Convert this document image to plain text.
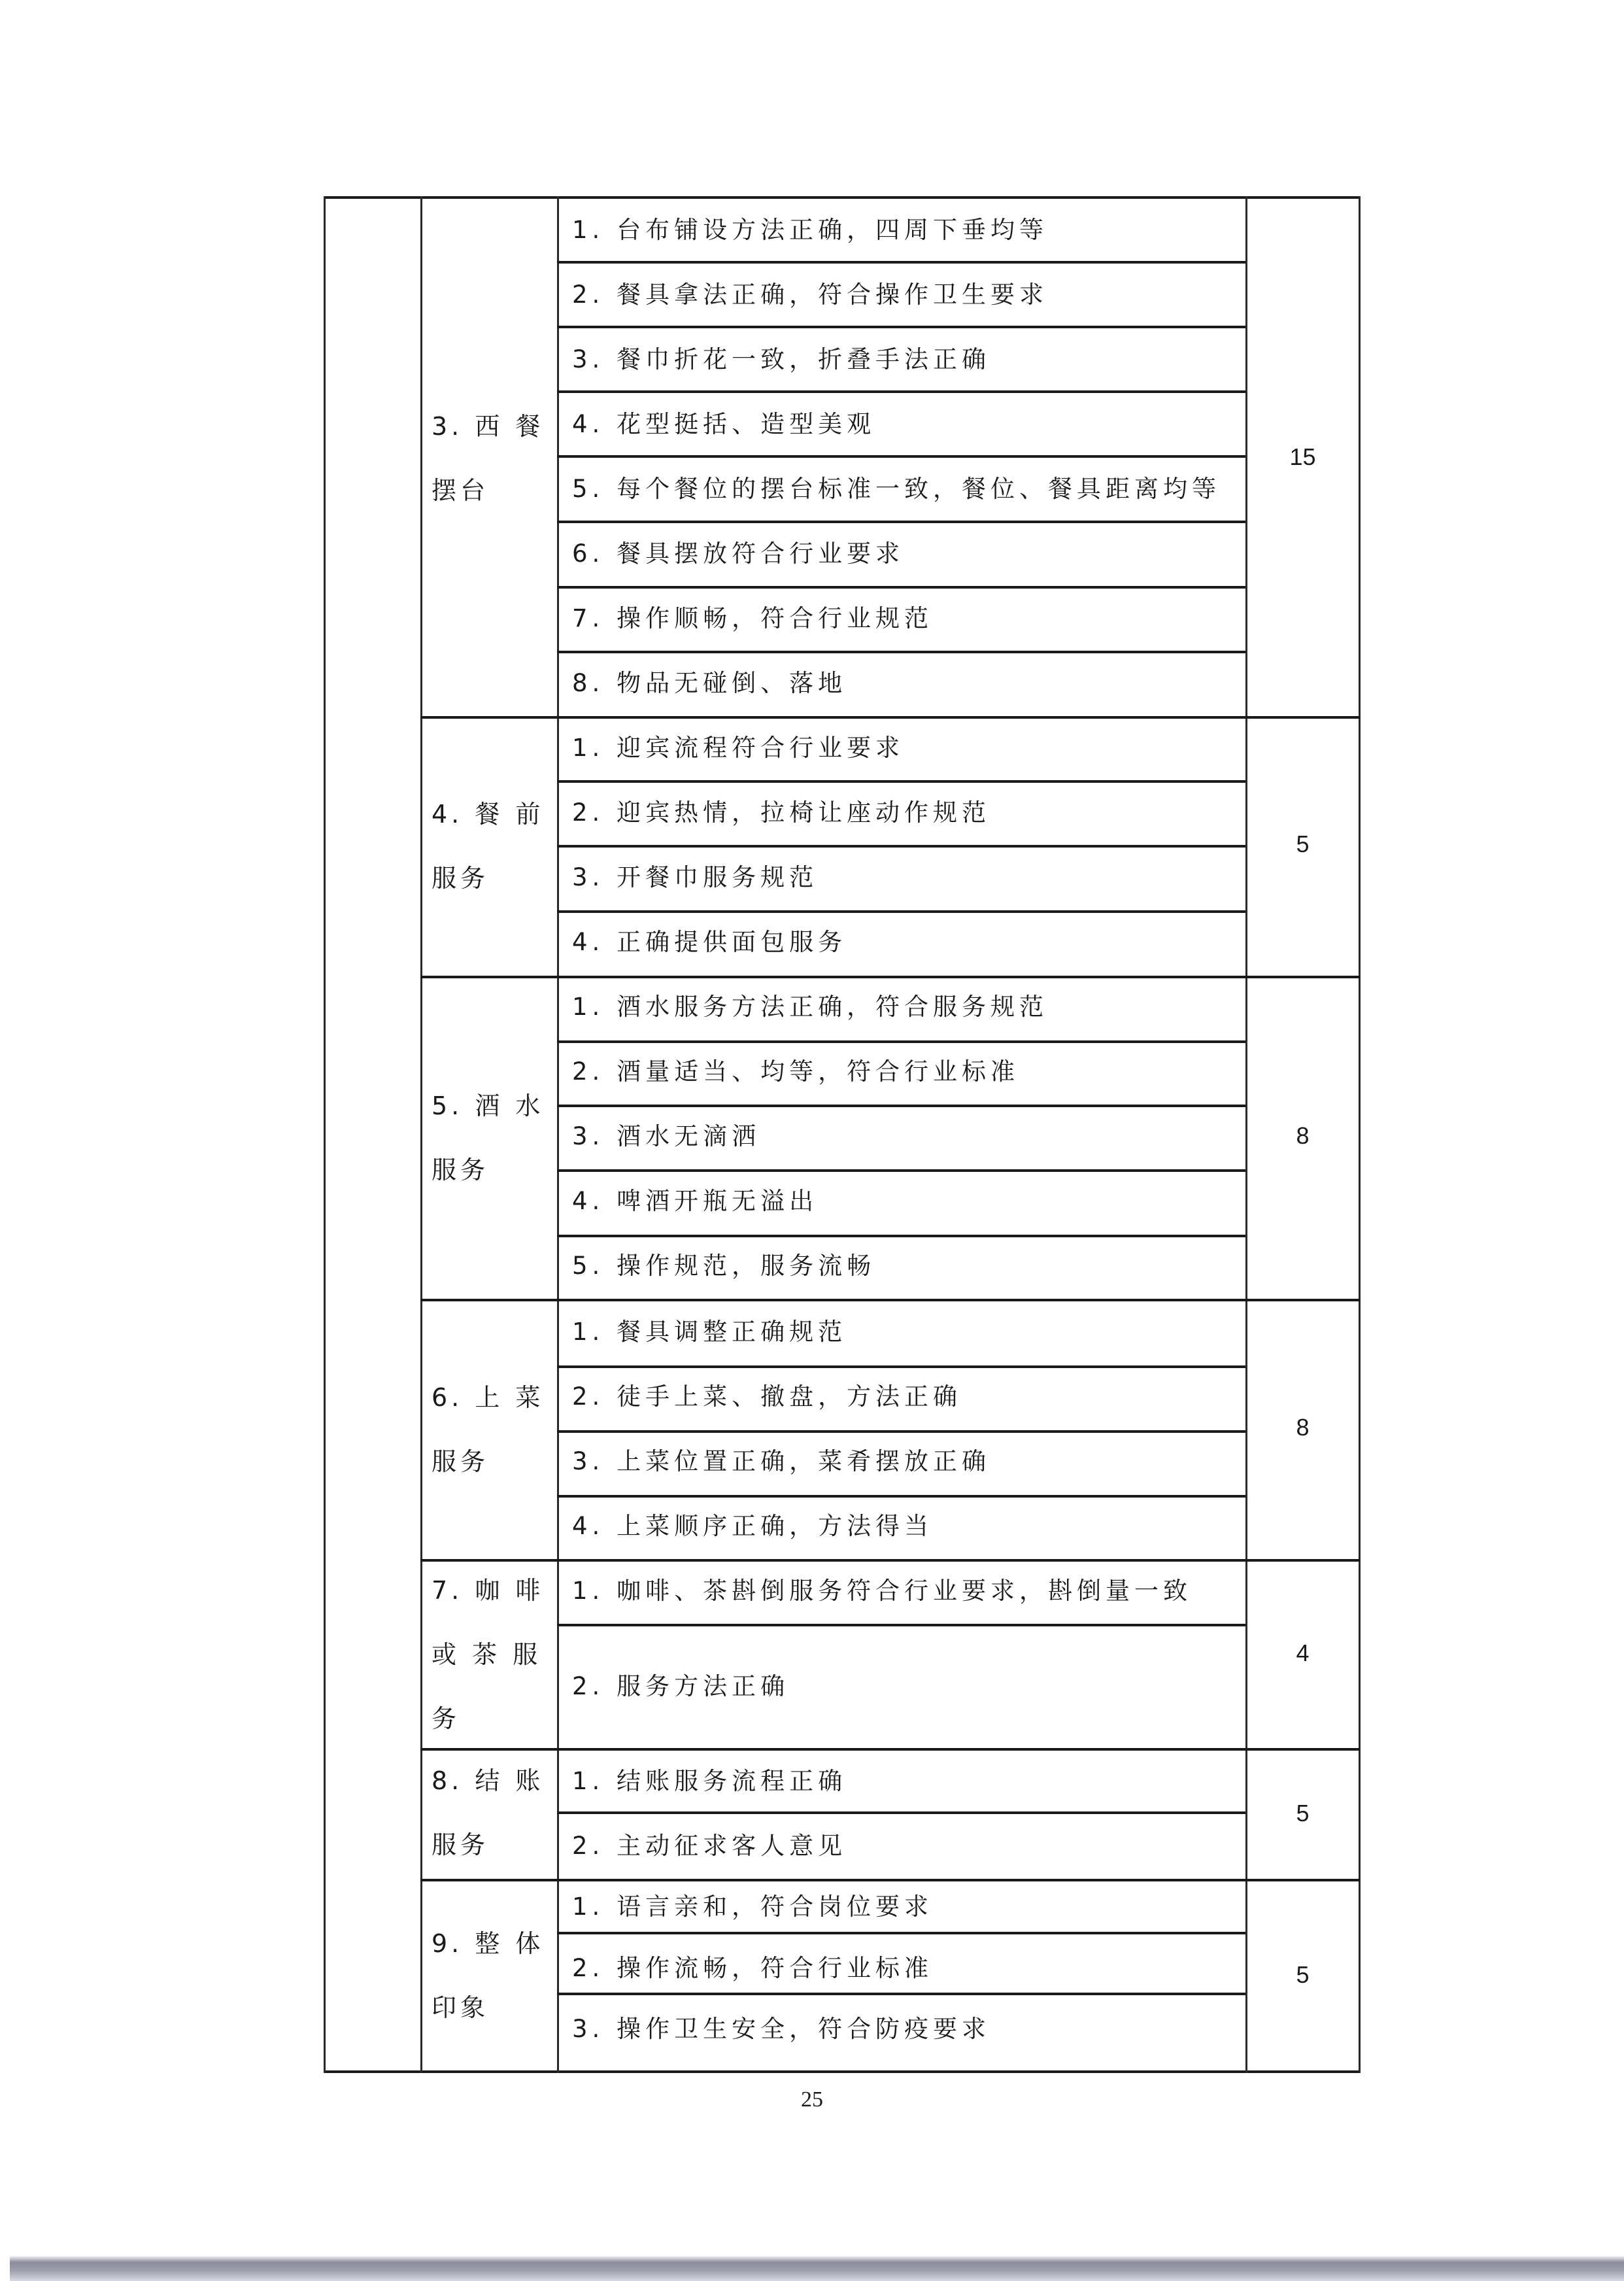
3. 西 餐
摆台
4. 餐 前
服务
5. 酒 水
服务
6. 上 菜
服务
7. 咖 啡
或 茶 服
务
8. 结 账
服务
9. 整 体
印象
1. 台布铺设方法正确，四周下垂均等
2. 餐具拿法正确，符合操作卫生要求
3. 餐巾折花一致，折叠手法正确
4. 花型挺括、造型美观
5. 每个餐位的摆台标准一致，餐位、餐具距离均等
6. 餐具摆放符合行业要求
7. 操作顺畅，符合行业规范
8. 物品无碰倒、落地
1. 迎宾流程符合行业要求
2. 迎宾热情，拉椅让座动作规范
3. 开餐巾服务规范
4. 正确提供面包服务
1. 酒水服务方法正确，符合服务规范
2. 酒量适当、均等，符合行业标准
3. 酒水无滴洒
4. 啤酒开瓶无溢出
5. 操作规范，服务流畅
1. 餐具调整正确规范
2. 徒手上菜、撤盘，方法正确
3. 上菜位置正确，菜肴摆放正确
4. 上菜顺序正确，方法得当
1. 咖啡、茶斟倒服务符合行业要求，斟倒量一致
2. 服务方法正确
1. 结账服务流程正确
2. 主动征求客人意见
1. 语言亲和，符合岗位要求
2. 操作流畅，符合行业标准
3. 操作卫生安全，符合防疫要求
15
5
8
8
4
5
5
25
